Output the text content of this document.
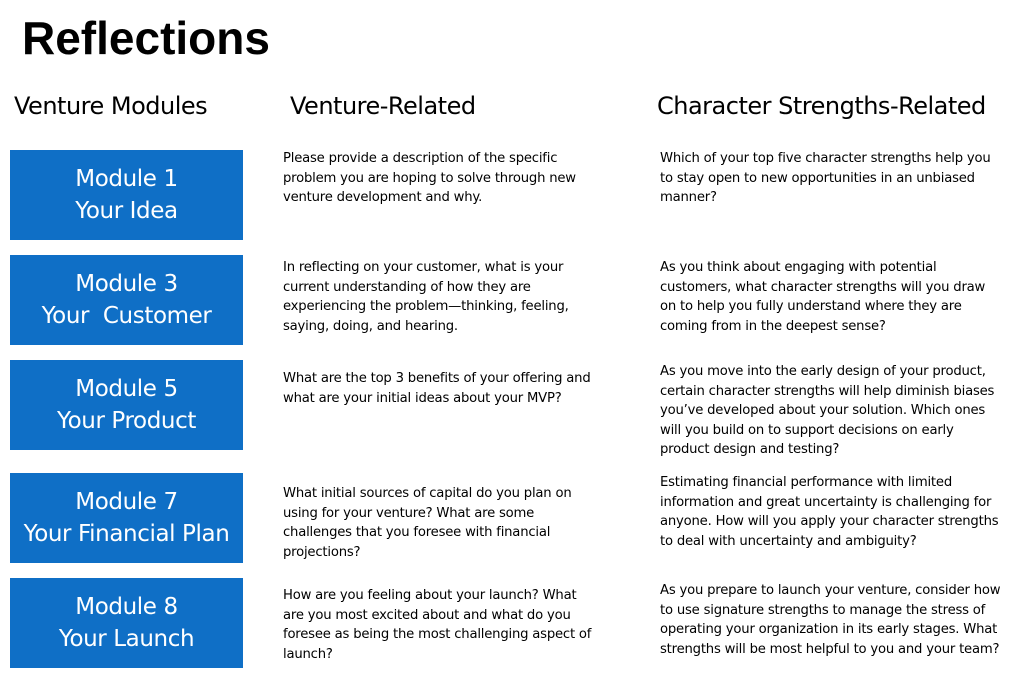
Reflections
Venture Modules	Venture-Related	Character Strengths-Related
Module 1
Your Idea
Please provide a description of the specific problem you are hoping to solve through new venture development and why.
Which of your top five character strengths help you to stay open to new opportunities in an unbiased manner?
Module 3
Your  Customer
In reflecting on your customer, what is your current understanding of how they are experiencing the problem—thinking, feeling, saying, doing, and hearing.
As you think about engaging with potential customers, what character strengths will you draw on to help you fully understand where they are coming from in the deepest sense?
Module 5
Your Product
What are the top 3 benefits of your offering and what are your initial ideas about your MVP?
As you move into the early design of your product, certain character strengths will help diminish biases you’ve developed about your solution. Which ones will you build on to support decisions on early product design and testing?
Module 7
Your Financial Plan
What initial sources of capital do you plan on using for your venture? What are some challenges that you foresee with financial projections?
Estimating financial performance with limited information and great uncertainty is challenging for anyone. How will you apply your character strengths to deal with uncertainty and ambiguity?
Module 8
Your Launch
How are you feeling about your launch? What are you most excited about and what do you foresee as being the most challenging aspect of launch?
As you prepare to launch your venture, consider how to use signature strengths to manage the stress of operating your organization in its early stages. What strengths will be most helpful to you and your team?
